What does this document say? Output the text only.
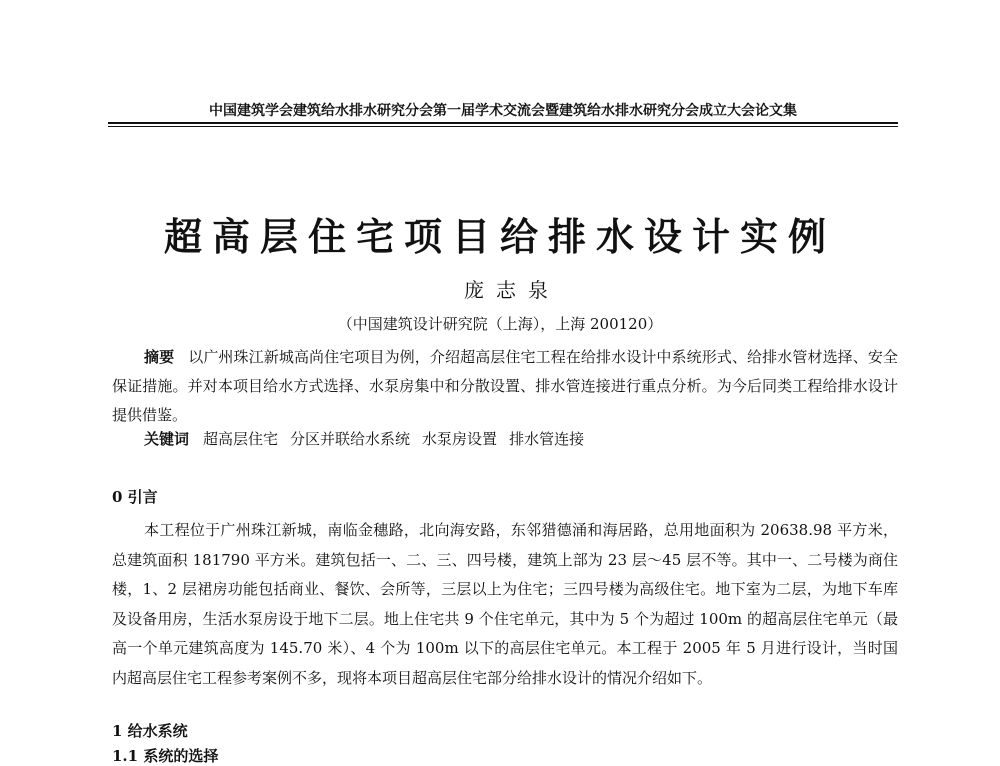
中国建筑学会建筑给水排水研究分会第一届学术交流会暨建筑给水排水研究分会成立大会论文集
超高层住宅项目给排水设计实例
庞志泉
（中国建筑设计研究院（上海），上海 200120）
摘要 以广州珠江新城高尚住宅项目为例，介绍超高层住宅工程在给排水设计中系统形式、给排水管材选择、安全保证措施。并对本项目给水方式选择、水泵房集中和分散设置、排水管连接进行重点分析。为今后同类工程给排水设计提供借鉴。
关键词 超高层住宅 分区并联给水系统 水泵房设置 排水管连接
0 引言
本工程位于广州珠江新城，南临金穗路，北向海安路，东邻猎德涌和海居路，总用地面积为 20638.98 平方米，总建筑面积 181790 平方米。建筑包括一、二、三、四号楼，建筑上部为 23 层～45 层不等。其中一、二号楼为商住楼，1、2 层裙房功能包括商业、餐饮、会所等，三层以上为住宅；三四号楼为高级住宅。地下室为二层，为地下车库及设备用房，生活水泵房设于地下二层。地上住宅共 9 个住宅单元，其中为 5 个为超过 100m 的超高层住宅单元（最高一个单元建筑高度为 145.70 米）、4 个为 100m 以下的高层住宅单元。本工程于 2005 年 5 月进行设计，当时国内超高层住宅工程参考案例不多，现将本项目超高层住宅部分给排水设计的情况介绍如下。
1 给水系统
1.1 系统的选择
